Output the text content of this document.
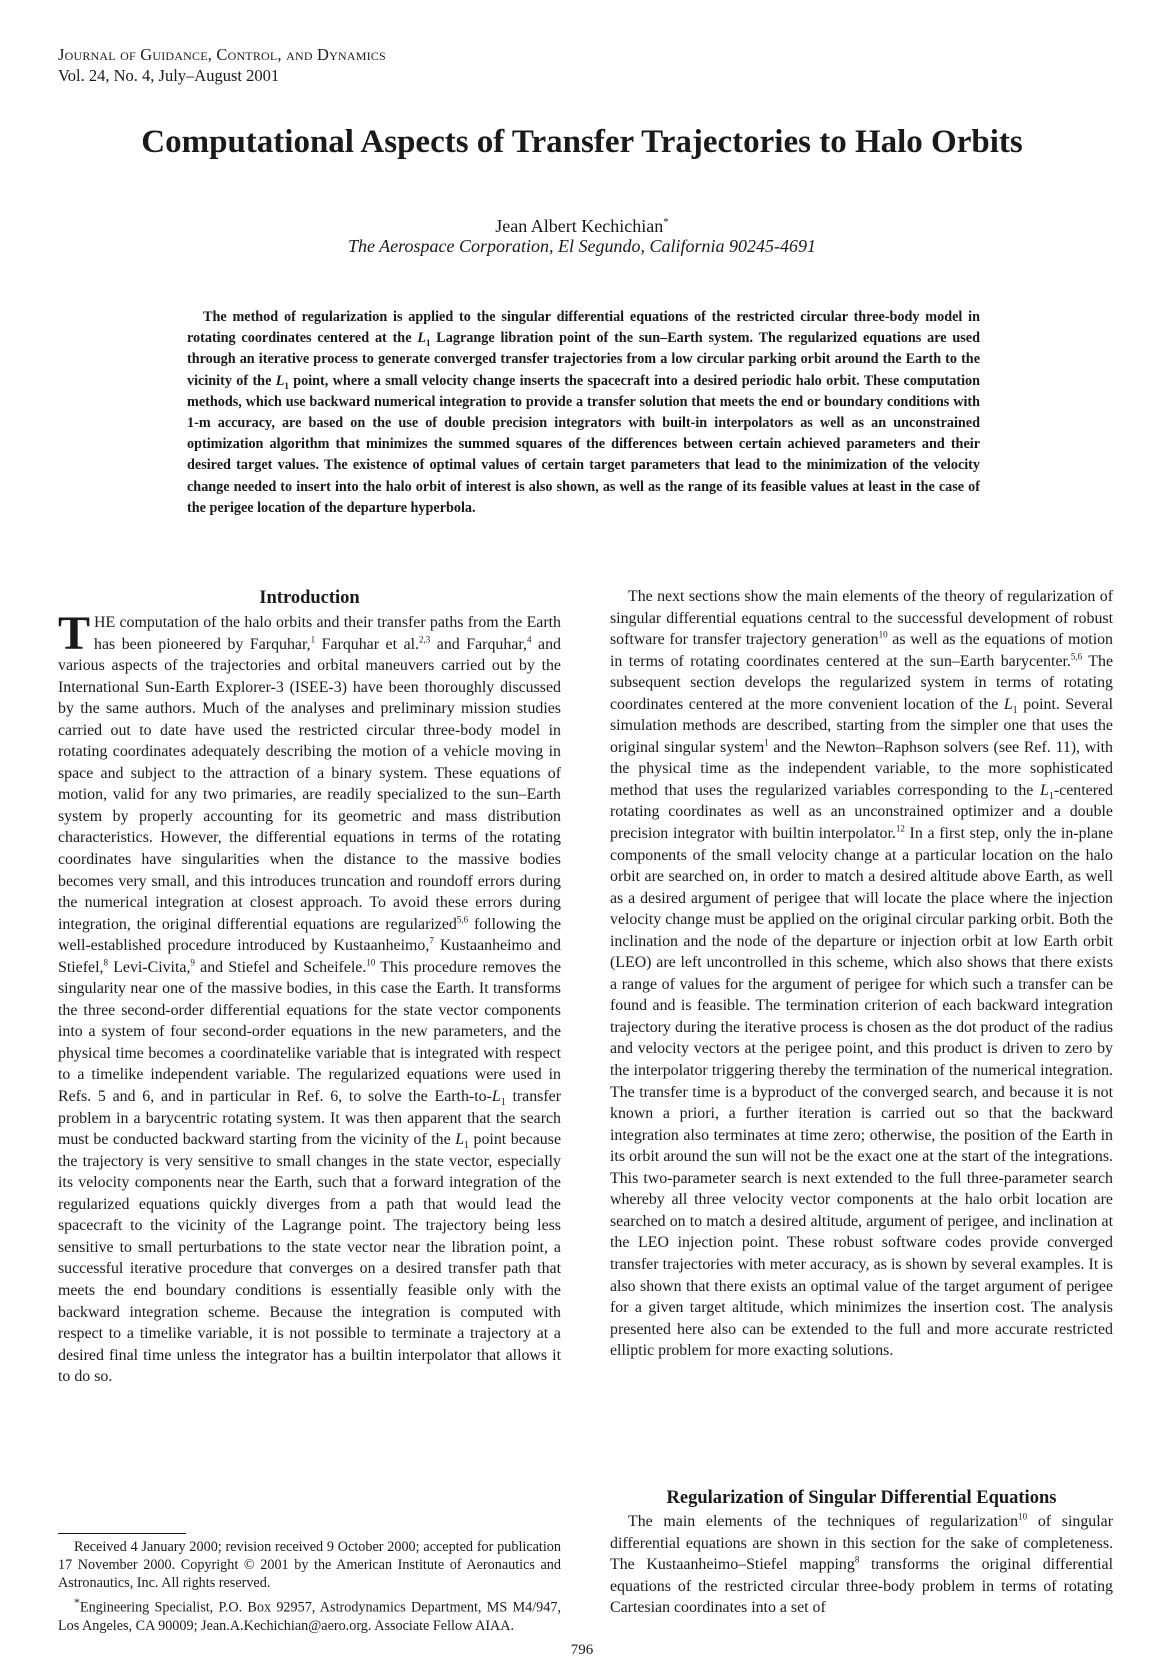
Journal of Guidance, Control, and Dynamics
Vol. 24, No. 4, July–August 2001
Computational Aspects of Transfer Trajectories to Halo Orbits
Jean Albert Kechichian*
The Aerospace Corporation, El Segundo, California 90245-4691
The method of regularization is applied to the singular differential equations of the restricted circular three-body model in rotating coordinates centered at the $L_1$ Lagrange libration point of the sun–Earth system. The regularized equations are used through an iterative process to generate converged transfer trajectories from a low circular parking orbit around the Earth to the vicinity of the $L_1$ point, where a small velocity change inserts the spacecraft into a desired periodic halo orbit. These computation methods, which use backward numerical integration to provide a transfer solution that meets the end or boundary conditions with 1-m accuracy, are based on the use of double precision integrators with built-in interpolators as well as an unconstrained optimization algorithm that minimizes the summed squares of the differences between certain achieved parameters and their desired target values. The existence of optimal values of certain target parameters that lead to the minimization of the velocity change needed to insert into the halo orbit of interest is also shown, as well as the range of its feasible values at least in the case of the perigee location of the departure hyperbola.
Introduction

THE computation of the halo orbits and their transfer paths from the Earth has been pioneered by Farquhar,$^1$ Farquhar et al.$^{2,3}$ and Farquhar,$^4$ and various aspects of the trajectories and orbital maneuvers carried out by the International Sun-Earth Explorer-3 (ISEE-3) have been thoroughly discussed by the same authors. Much of the analyses and preliminary mission studies carried out to date have used the restricted circular three-body model in rotating coordinates adequately describing the motion of a vehicle moving in space and subject to the attraction of a binary system. These equations of motion, valid for any two primaries, are readily specialized to the sun–Earth system by properly accounting for its geometric and mass distribution characteristics. However, the differential equations in terms of the rotating coordinates have singularities when the distance to the massive bodies becomes very small, and this introduces truncation and roundoff errors during the numerical integration at closest approach. To avoid these errors during integration, the original differential equations are regularized$^{5,6}$ following the well-established procedure introduced by Kustaanheimo,$^7$ Kustaanheimo and Stiefel,$^8$ Levi-Civita,$^9$ and Stiefel and Scheifele.$^{10}$ This procedure removes the singularity near one of the massive bodies, in this case the Earth. It transforms the three second-order differential equations for the state vector components into a system of four second-order equations in the new parameters, and the physical time becomes a coordinatelike variable that is integrated with respect to a timelike independent variable. The regularized equations were used in Refs. 5 and 6, and in particular in Ref. 6, to solve the Earth-$to-L_1$ transfer problem in a barycentric rotating system. It was then apparent that the search must be conducted backward starting from the vicinity of the $L_1$ point because the trajectory is very sensitive to small changes in the state vector, especially its velocity components near the Earth, such that a forward integration of the regularized equations quickly diverges from a path that would lead the spacecraft to the vicinity of the Lagrange point. The trajectory being less sensitive to small perturbations to the state vector near the libration point, a successful iterative procedure that converges on a desired transfer path that meets the end boundary conditions is essentially feasible only with the backward integration scheme. Because the integration is computed with respect to a timelike variable, it is not possible to terminate a trajectory at a desired final time unless the integrator has a builtin interpolator that allows it to do so.

The next sections show the main elements of the theory of regularization of singular differential equations central to the successful development of robust software for transfer trajectory generation$^{10}$ as well as the equations of motion in terms of rotating coordinates centered at the sun–Earth barycenter.$^{5,6}$ The subsequent section develops the regularized system in terms of rotating coordinates centered at the more convenient location of the $L_1$ point. Several simulation methods are described, starting from the simpler one that uses the original singular system$^1$ and the Newton–Raphson solvers (see Ref. 11), with the physical time as the independent variable, to the more sophisticated method that uses the regularized variables corresponding to the $L_1$-centered rotating coordinates as well as an unconstrained optimizer and a double precision integrator with builtin interpolator.$^{12}$ In a first step, only the in-plane components of the small velocity change at a particular location on the halo orbit are searched on, in order to match a desired altitude above Earth, as well as a desired argument of perigee that will locate the place where the injection velocity change must be applied on the original circular parking orbit. Both the inclination and the node of the departure or injection orbit at low Earth orbit (LEO) are left uncontrolled in this scheme, which also shows that there exists a range of values for the argument of perigee for which such a transfer can be found and is feasible. The termination criterion of each backward integration trajectory during the iterative process is chosen as the dot product of the radius and velocity vectors at the perigee point, and this product is driven to zero by the interpolator triggering thereby the termination of the numerical integration. The transfer time is a byproduct of the converged search, and because it is not known a priori, a further iteration is carried out so that the backward integration also terminates at time zero; otherwise, the position of the Earth in its orbit around the sun will not be the exact one at the start of the integrations. This two-parameter search is next extended to the full three-parameter search whereby all three velocity vector components at the halo orbit location are searched on to match a desired altitude, argument of perigee, and inclination at the LEO injection point. These robust software codes provide converged transfer trajectories with meter accuracy, as is shown by several examples. It is also shown that there exists an optimal value of the target argument of perigee for a given target altitude, which minimizes the insertion cost. The analysis presented here also can be extended to the full and more accurate restricted elliptic problem for more exacting solutions.

Regularization of Singular Differential Equations

The main elements of the techniques of regularization$^{10}$ of singular differential equations are shown in this section for the sake of completeness. The Kustaanheimo–Stiefel mapping$^8$ transforms the original differential equations of the restricted circular three-body problem in terms of rotating Cartesian coordinates into a set of

Received 4 January 2000; revision received 9 October 2000; accepted for publication 17 November 2000. Copyright © 2001 by the American Institute of Aeronautics and Astronautics, Inc. All rights reserved.

*Engineering Specialist, P.O. Box 92957, Astrodynamics Department, MS M4/947, Los Angeles, CA 90009; Jean.A.Kechichian@aero.org. Associate Fellow AIAA.

796
